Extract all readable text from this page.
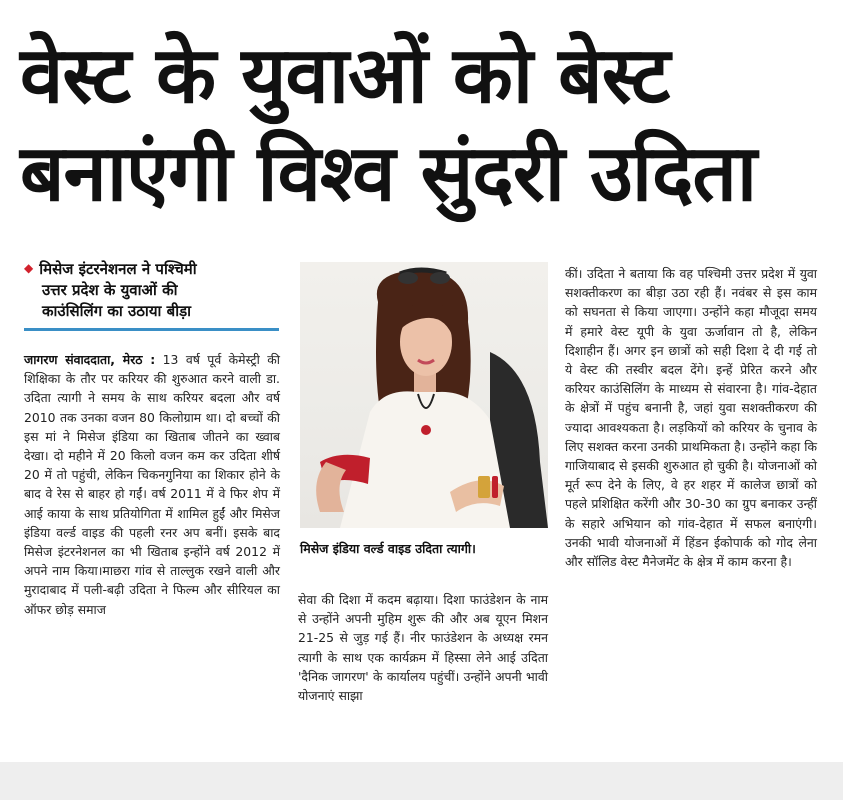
वेस्ट के युवाओं को बेस्ट
बनाएंगी विश्व सुंदरी उदिता
◆ मिसेज इंटरनेशनल ने पश्चिमी
उत्तर प्रदेश के युवाओं की
काउंसिलिंग का उठाया बीड़ा

जागरण संवाददाता, मेरठ : 13 वर्ष पूर्व केमेस्ट्री की शिक्षिका के तौर पर करियर की शुरुआत करने वाली डा. उदिता त्यागी ने समय के साथ करियर बदला और वर्ष 2010 तक उनका वजन 80 किलोग्राम था। दो बच्चों की इस मां ने मिसेज इंडिया का खिताब जीतने का ख्वाब देखा। दो महीने में 20 किलो वजन कम कर उदिता शीर्ष 20 में तो पहुंची, लेकिन चिकनगुनिया का शिकार होने के बाद वे रेस से बाहर हो गईं। वर्ष 2011 में वे फिर शेप में आई काया के साथ प्रतियोगिता में शामिल हुईं और मिसेज इंडिया वर्ल्ड वाइड की पहली रनर अप बनीं। इसके बाद मिसेज इंटरनेशनल का भी खिताब इन्होंने वर्ष 2012 में अपने नाम किया।माछरा गांव से ताल्लुक रखने वाली और मुरादाबाद में पली-बढ़ी उदिता ने फिल्म और सीरियल का ऑफर छोड़ समाज

मिसेज इंडिया वर्ल्ड वाइड उदिता त्यागी।

सेवा की दिशा में कदम बढ़ाया। दिशा फाउंडेशन के नाम से उन्होंने अपनी मुहिम शुरू की और अब यूएन मिशन 21-25 से जुड़ गई हैं। नीर फाउंडेशन के अध्यक्ष रमन त्यागी के साथ एक कार्यक्रम में हिस्सा लेने आई उदिता 'दैनिक जागरण' के कार्यालय पहुंचीं। उन्होंने अपनी भावी योजनाएं साझा

कीं। उदिता ने बताया कि वह पश्चिमी उत्तर प्रदेश में युवा सशक्तीकरण का बीड़ा उठा रही हैं। नवंबर से इस काम को सघनता से किया जाएगा। उन्होंने कहा मौजूदा समय में हमारे वेस्ट यूपी के युवा ऊर्जावान तो है, लेकिन दिशाहीन हैं। अगर इन छात्रों को सही दिशा दे दी गई तो ये वेस्ट की तस्वीर बदल देंगे। इन्हें प्रेरित करने और करियर काउंसिलिंग के माध्यम से संवारना है। गांव-देहात के क्षेत्रों में पहुंच बनानी है, जहां युवा सशक्तीकरण की ज्यादा आवश्यकता है। लड़कियों को करियर के चुनाव के लिए सशक्त करना उनकी प्राथमिकता है। उन्होंने कहा कि गाजियाबाद से इसकी शुरुआत हो चुकी है। योजनाओं को मूर्त रूप देने के लिए, वे हर शहर में कालेज छात्रों को पहले प्रशिक्षित करेंगी और 30-30 का ग्रुप बनाकर उन्हीं के सहारे अभियान को गांव-देहात में सफल बनाएंगी। उनकी भावी योजनाओं में हिंडन ईकोपार्क को गोद लेना और सॉलिड वेस्ट मैनेजमेंट के क्षेत्र में काम करना है।
